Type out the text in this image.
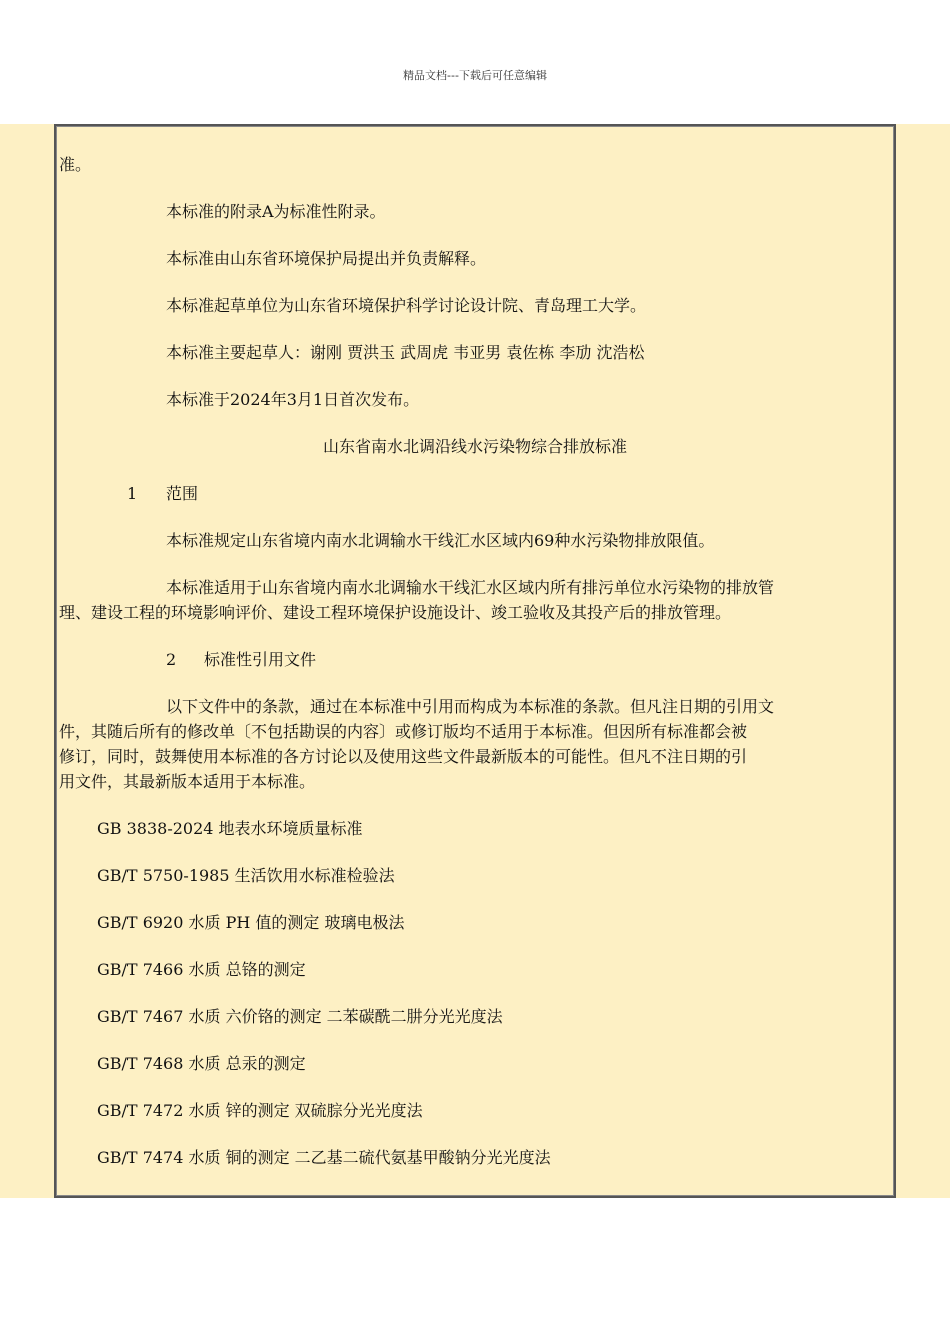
精品文档---下载后可任意编辑
准。
本标准的附录A为标准性附录。
本标准由山东省环境保护局提出并负责解释。
本标准起草单位为山东省环境保护科学讨论设计院、青岛理工大学。
本标准主要起草人：谢刚 贾洪玉 武周虎 韦亚男 袁佐栋 李劢 沈浩松
本标准于2024年3月1日首次发布。
山东省南水北调沿线水污染物综合排放标准
1 范围
本标准规定山东省境内南水北调输水干线汇水区域内69种水污染物排放限值。
本标准适用于山东省境内南水北调输水干线汇水区域内所有排污单位水污染物的排放管
理、建设工程的环境影响评价、建设工程环境保护设施设计、竣工验收及其投产后的排放管理。
2 标准性引用文件
以下文件中的条款，通过在本标准中引用而构成为本标准的条款。但凡注日期的引用文
件，其随后所有的修改单〔不包括勘误的内容〕或修订版均不适用于本标准。但因所有标准都会被
修订，同时，鼓舞使用本标准的各方讨论以及使用这些文件最新版本的可能性。但凡不注日期的引
用文件，其最新版本适用于本标准。
GB 3838-2024 地表水环境质量标准
GB/T 5750-1985 生活饮用水标准检验法
GB/T 6920 水质 PH 值的测定 玻璃电极法
GB/T 7466 水质 总铬的测定
GB/T 7467 水质 六价铬的测定 二苯碳酰二肼分光光度法
GB/T 7468 水质 总汞的测定
GB/T 7472 水质 锌的测定 双硫腙分光光度法
GB/T 7474 水质 铜的测定 二乙基二硫代氨基甲酸钠分光光度法
